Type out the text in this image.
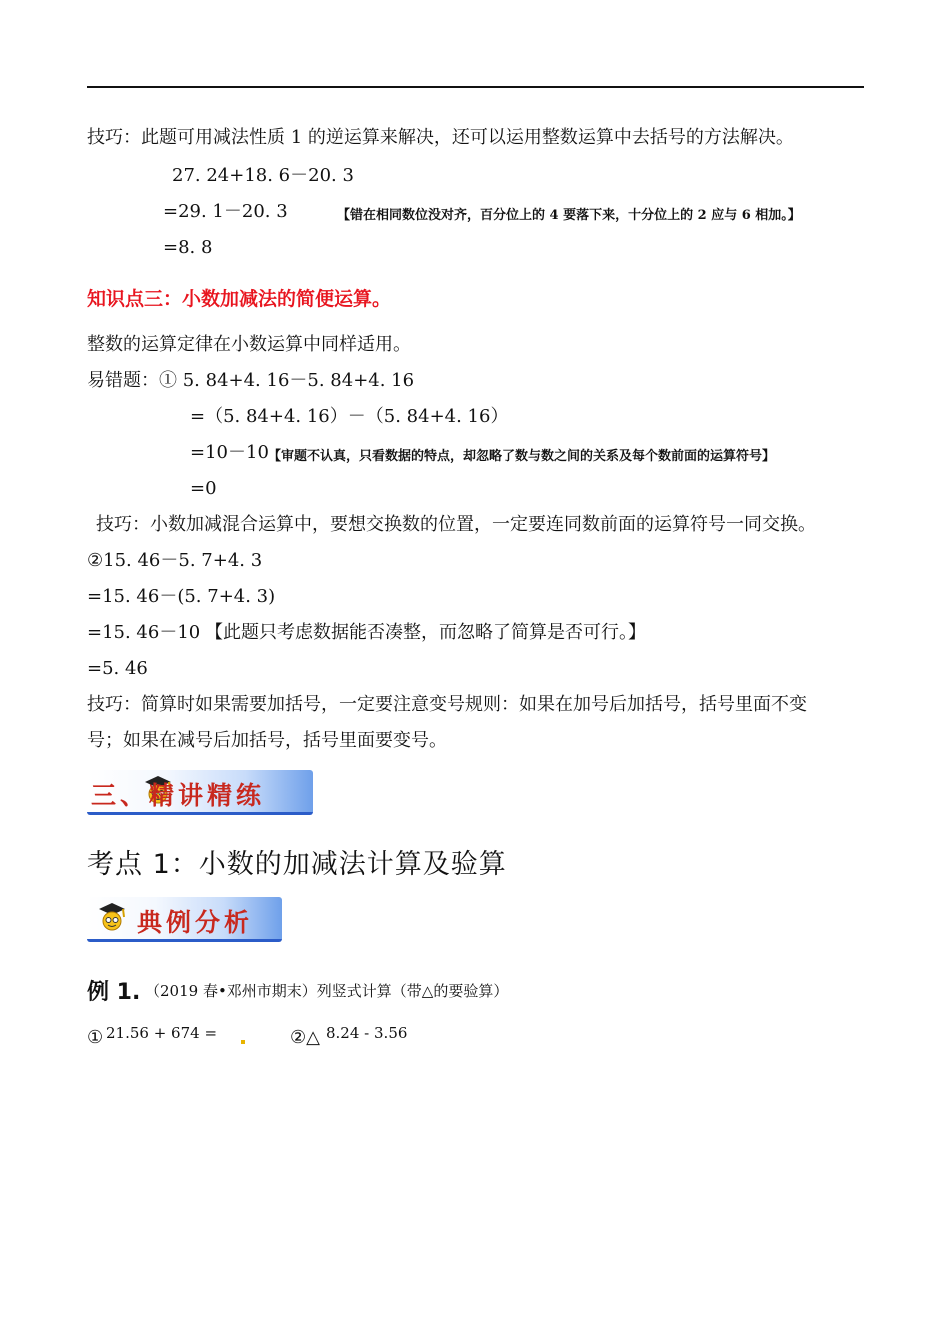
技巧：此题可用减法性质 1 的逆运算来解决，还可以运用整数运算中去括号的方法解决。
27. 24+18. 6－20. 3
=29. 1－20. 3	【错在相同数位没对齐，百分位上的 4 要落下来，十分位上的 2 应与 6 相加。】
=8. 8
知识点三：小数加减法的简便运算。
整数的运算定律在小数运算中同样适用。
易错题：① 5. 84+4. 16－5. 84+4. 16
=（5. 84+4. 16）－（5. 84+4. 16）
=10－10 【审题不认真，只看数据的特点，却忽略了数与数之间的关系及每个数前面的运算符号】
=0
技巧：小数加减混合运算中，要想交换数的位置，一定要连同数前面的运算符号一同交换。
②15. 46－5. 7+4. 3
=15. 46－(5. 7+4. 3)
=15. 46－10 【此题只考虑数据能否凑整，而忽略了简算是否可行。】
=5. 46
技巧：简算时如果需要加括号，一定要注意变号规则：如果在加号后加括号，括号里面不变
号；如果在减号后加括号，括号里面要变号。
三、精讲精练
考点 1：小数的加减法计算及验算
典例分析
例 1. （2019 春•邓州市期末）列竖式计算（带△的要验算）
① 21.56 + 674 =	②△ 8.24 - 3.56
